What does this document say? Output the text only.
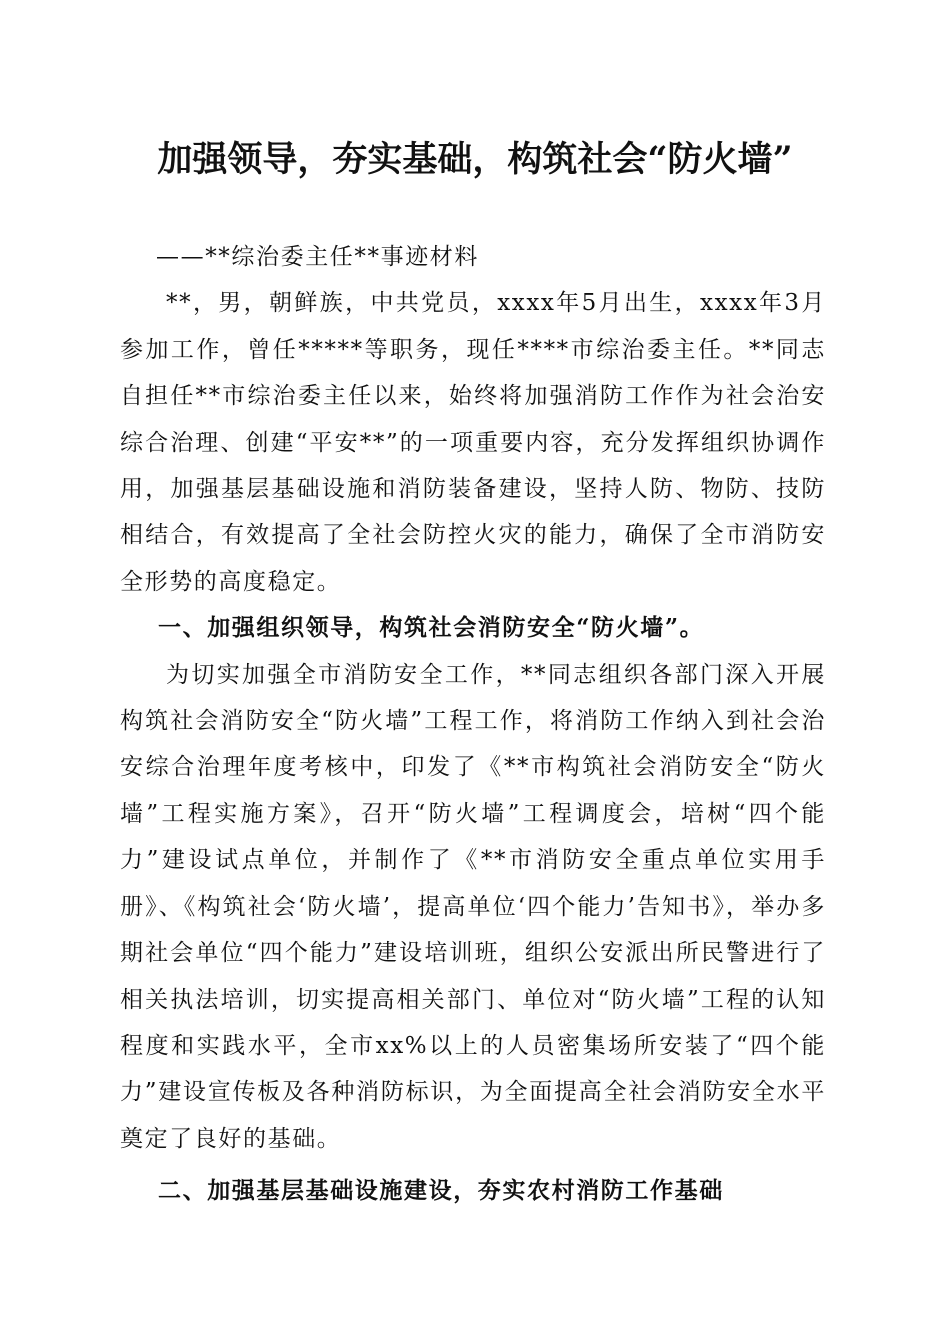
加强领导，夯实基础，构筑社会“防火墙”

——**综治委主任**事迹材料

**，男，朝鲜族，中共党员，xxxx年5月出生，xxxx年3月参加工作，曾任*****等职务，现任****市综治委主任。**同志自担任**市综治委主任以来，始终将加强消防工作作为社会治安综合治理、创建“平安**”的一项重要内容，充分发挥组织协调作用，加强基层基础设施和消防装备建设，坚持人防、物防、技防相结合，有效提高了全社会防控火灾的能力，确保了全市消防安全形势的高度稳定。

一、加强组织领导，构筑社会消防安全“防火墙”。

为切实加强全市消防安全工作，**同志组织各部门深入开展构筑社会消防安全“防火墙”工程工作，将消防工作纳入到社会治安综合治理年度考核中，印发了《**市构筑社会消防安全“防火墙”工程实施方案》，召开“防火墙”工程调度会，培树“四个能力”建设试点单位，并制作了《**市消防安全重点单位实用手册》、《构筑社会‘防火墙’，提高单位‘四个能力’告知书》，举办多期社会单位“四个能力”建设培训班，组织公安派出所民警进行了相关执法培训，切实提高相关部门、单位对“防火墙”工程的认知程度和实践水平，全市xx%以上的人员密集场所安装了“四个能力”建设宣传板及各种消防标识，为全面提高全社会消防安全水平奠定了良好的基础。

二、加强基层基础设施建设，夯实农村消防工作基础
